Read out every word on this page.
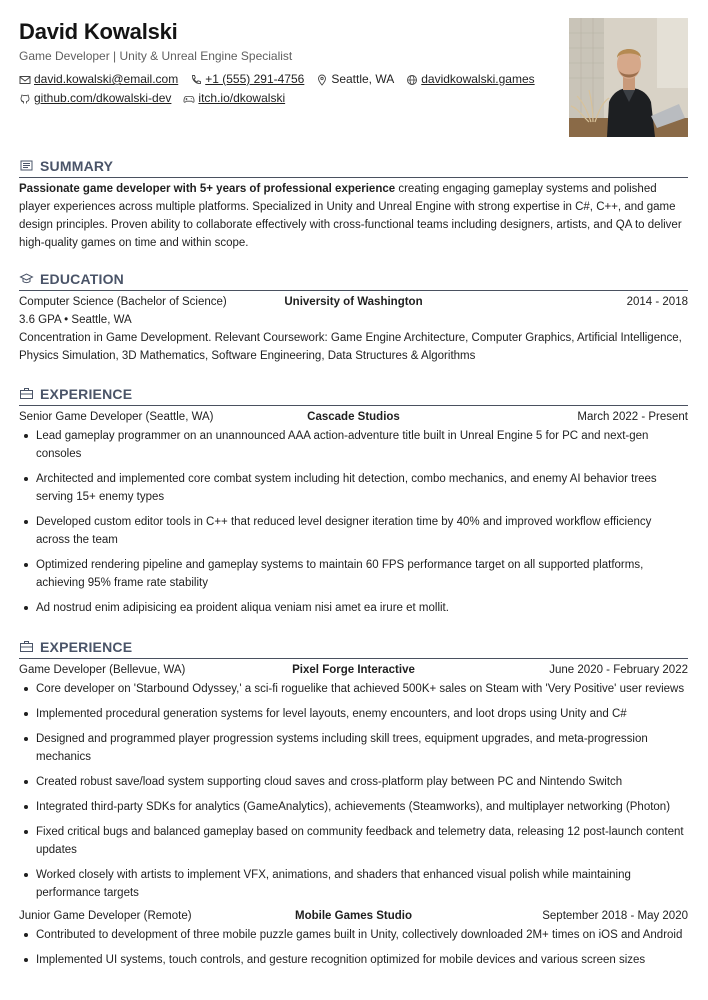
David Kowalski
Game Developer | Unity & Unreal Engine Specialist
david.kowalski@email.com +1 (555) 291-4756 Seattle, WA davidkowalski.games
github.com/dkowalski-dev itch.io/dkowalski
SUMMARY
Passionate game developer with 5+ years of professional experience creating engaging gameplay systems and polished player experiences across multiple platforms. Specialized in Unity and Unreal Engine with strong expertise in C#, C++, and game design principles. Proven ability to collaborate effectively with cross-functional teams including designers, artists, and QA to deliver high-quality games on time and within scope.
EDUCATION
Computer Science (Bachelor of Science)	University of Washington	2014 - 2018
3.6 GPA • Seattle, WA
Concentration in Game Development. Relevant Coursework: Game Engine Architecture, Computer Graphics, Artificial Intelligence, Physics Simulation, 3D Mathematics, Software Engineering, Data Structures & Algorithms
EXPERIENCE
Senior Game Developer (Seattle, WA)	Cascade Studios	March 2022 - Present
Lead gameplay programmer on an unannounced AAA action-adventure title built in Unreal Engine 5 for PC and next-gen consoles
Architected and implemented core combat system including hit detection, combo mechanics, and enemy AI behavior trees serving 15+ enemy types
Developed custom editor tools in C++ that reduced level designer iteration time by 40% and improved workflow efficiency across the team
Optimized rendering pipeline and gameplay systems to maintain 60 FPS performance target on all supported platforms, achieving 95% frame rate stability
Ad nostrud enim adipisicing ea proident aliqua veniam nisi amet ea irure et mollit.
EXPERIENCE
Game Developer (Bellevue, WA)	Pixel Forge Interactive	June 2020 - February 2022
Core developer on 'Starbound Odyssey,' a sci-fi roguelike that achieved 500K+ sales on Steam with 'Very Positive' user reviews
Implemented procedural generation systems for level layouts, enemy encounters, and loot drops using Unity and C#
Designed and programmed player progression systems including skill trees, equipment upgrades, and meta-progression mechanics
Created robust save/load system supporting cloud saves and cross-platform play between PC and Nintendo Switch
Integrated third-party SDKs for analytics (GameAnalytics), achievements (Steamworks), and multiplayer networking (Photon)
Fixed critical bugs and balanced gameplay based on community feedback and telemetry data, releasing 12 post-launch content updates
Worked closely with artists to implement VFX, animations, and shaders that enhanced visual polish while maintaining performance targets
Junior Game Developer (Remote)	Mobile Games Studio	September 2018 - May 2020
Contributed to development of three mobile puzzle games built in Unity, collectively downloaded 2M+ times on iOS and Android
Implemented UI systems, touch controls, and gesture recognition optimized for mobile devices and various screen sizes
